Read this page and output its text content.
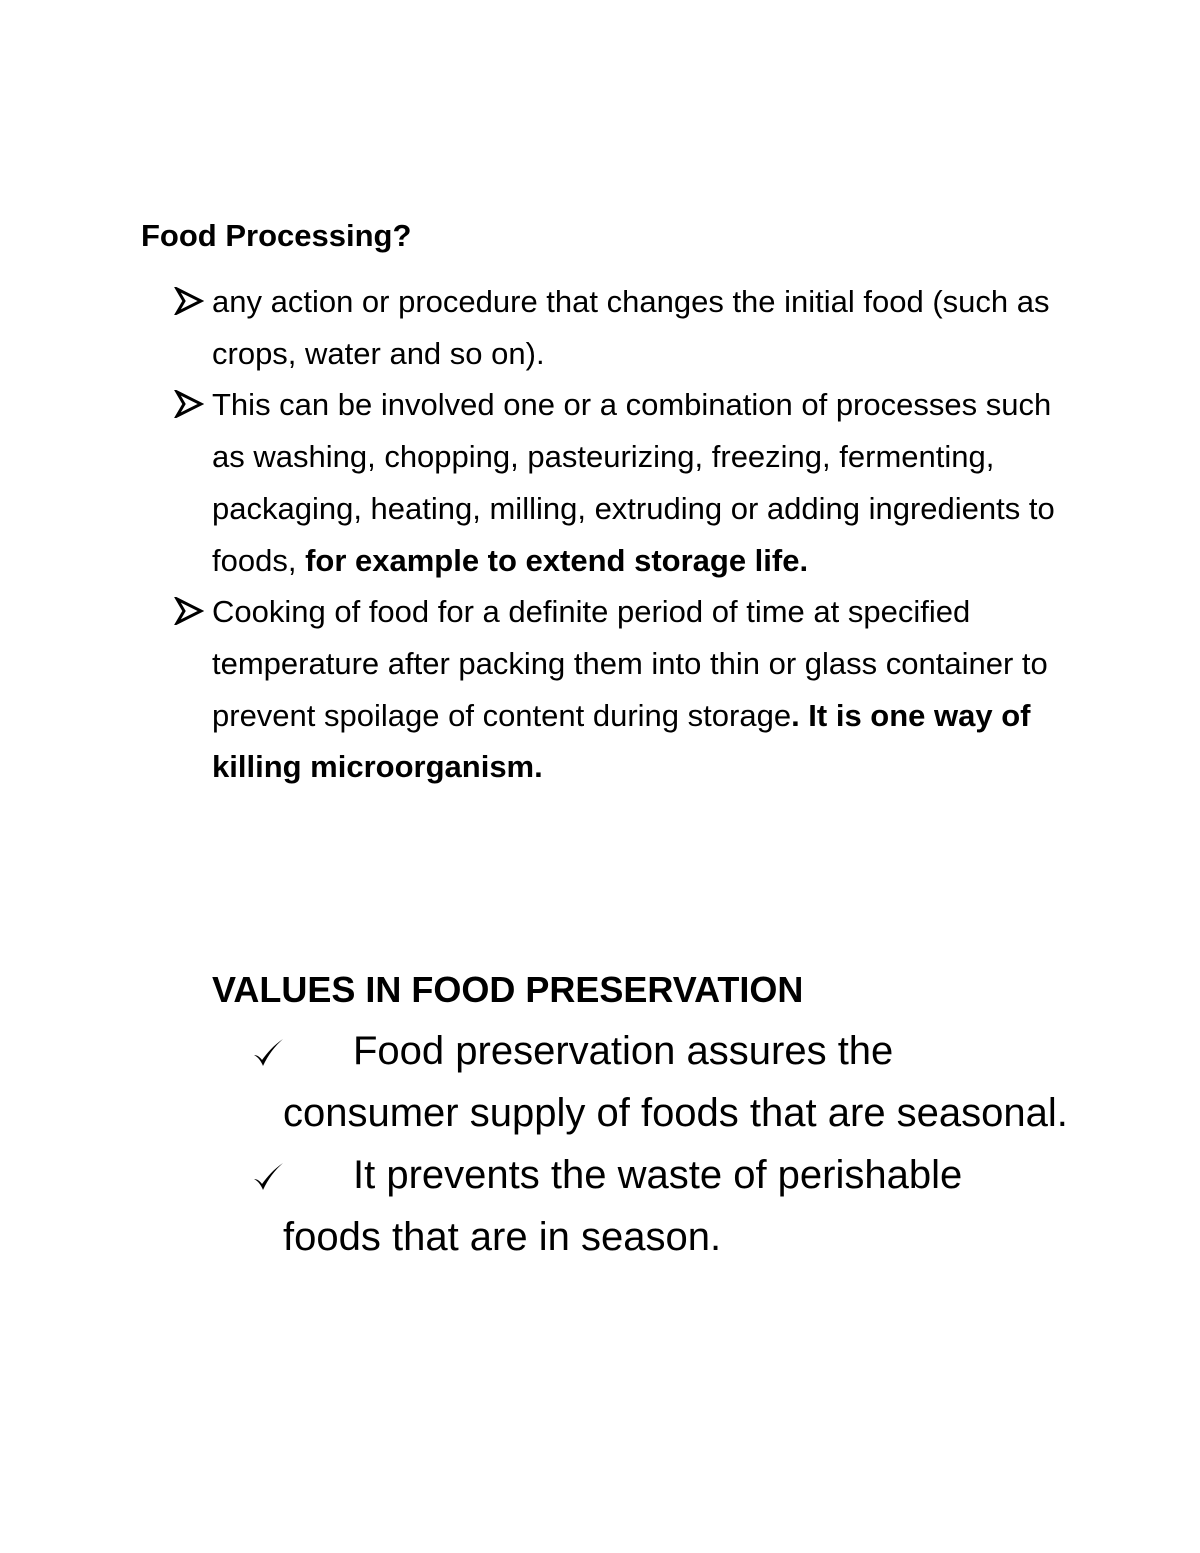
Food Processing?
any action or procedure that changes the initial food (such as crops, water and so on).
This can be involved one or a combination of processes such as washing, chopping, pasteurizing, freezing, fermenting, packaging, heating, milling, extruding or adding ingredients to foods, for example to extend storage life.
Cooking of food for a definite period of time at specified temperature after packing them into thin or glass container to prevent spoilage of content during storage. It is one way of killing microorganism.
VALUES IN FOOD PRESERVATION
Food preservation assures the consumer supply of foods that are seasonal.
It prevents the waste of perishable foods that are in season.
